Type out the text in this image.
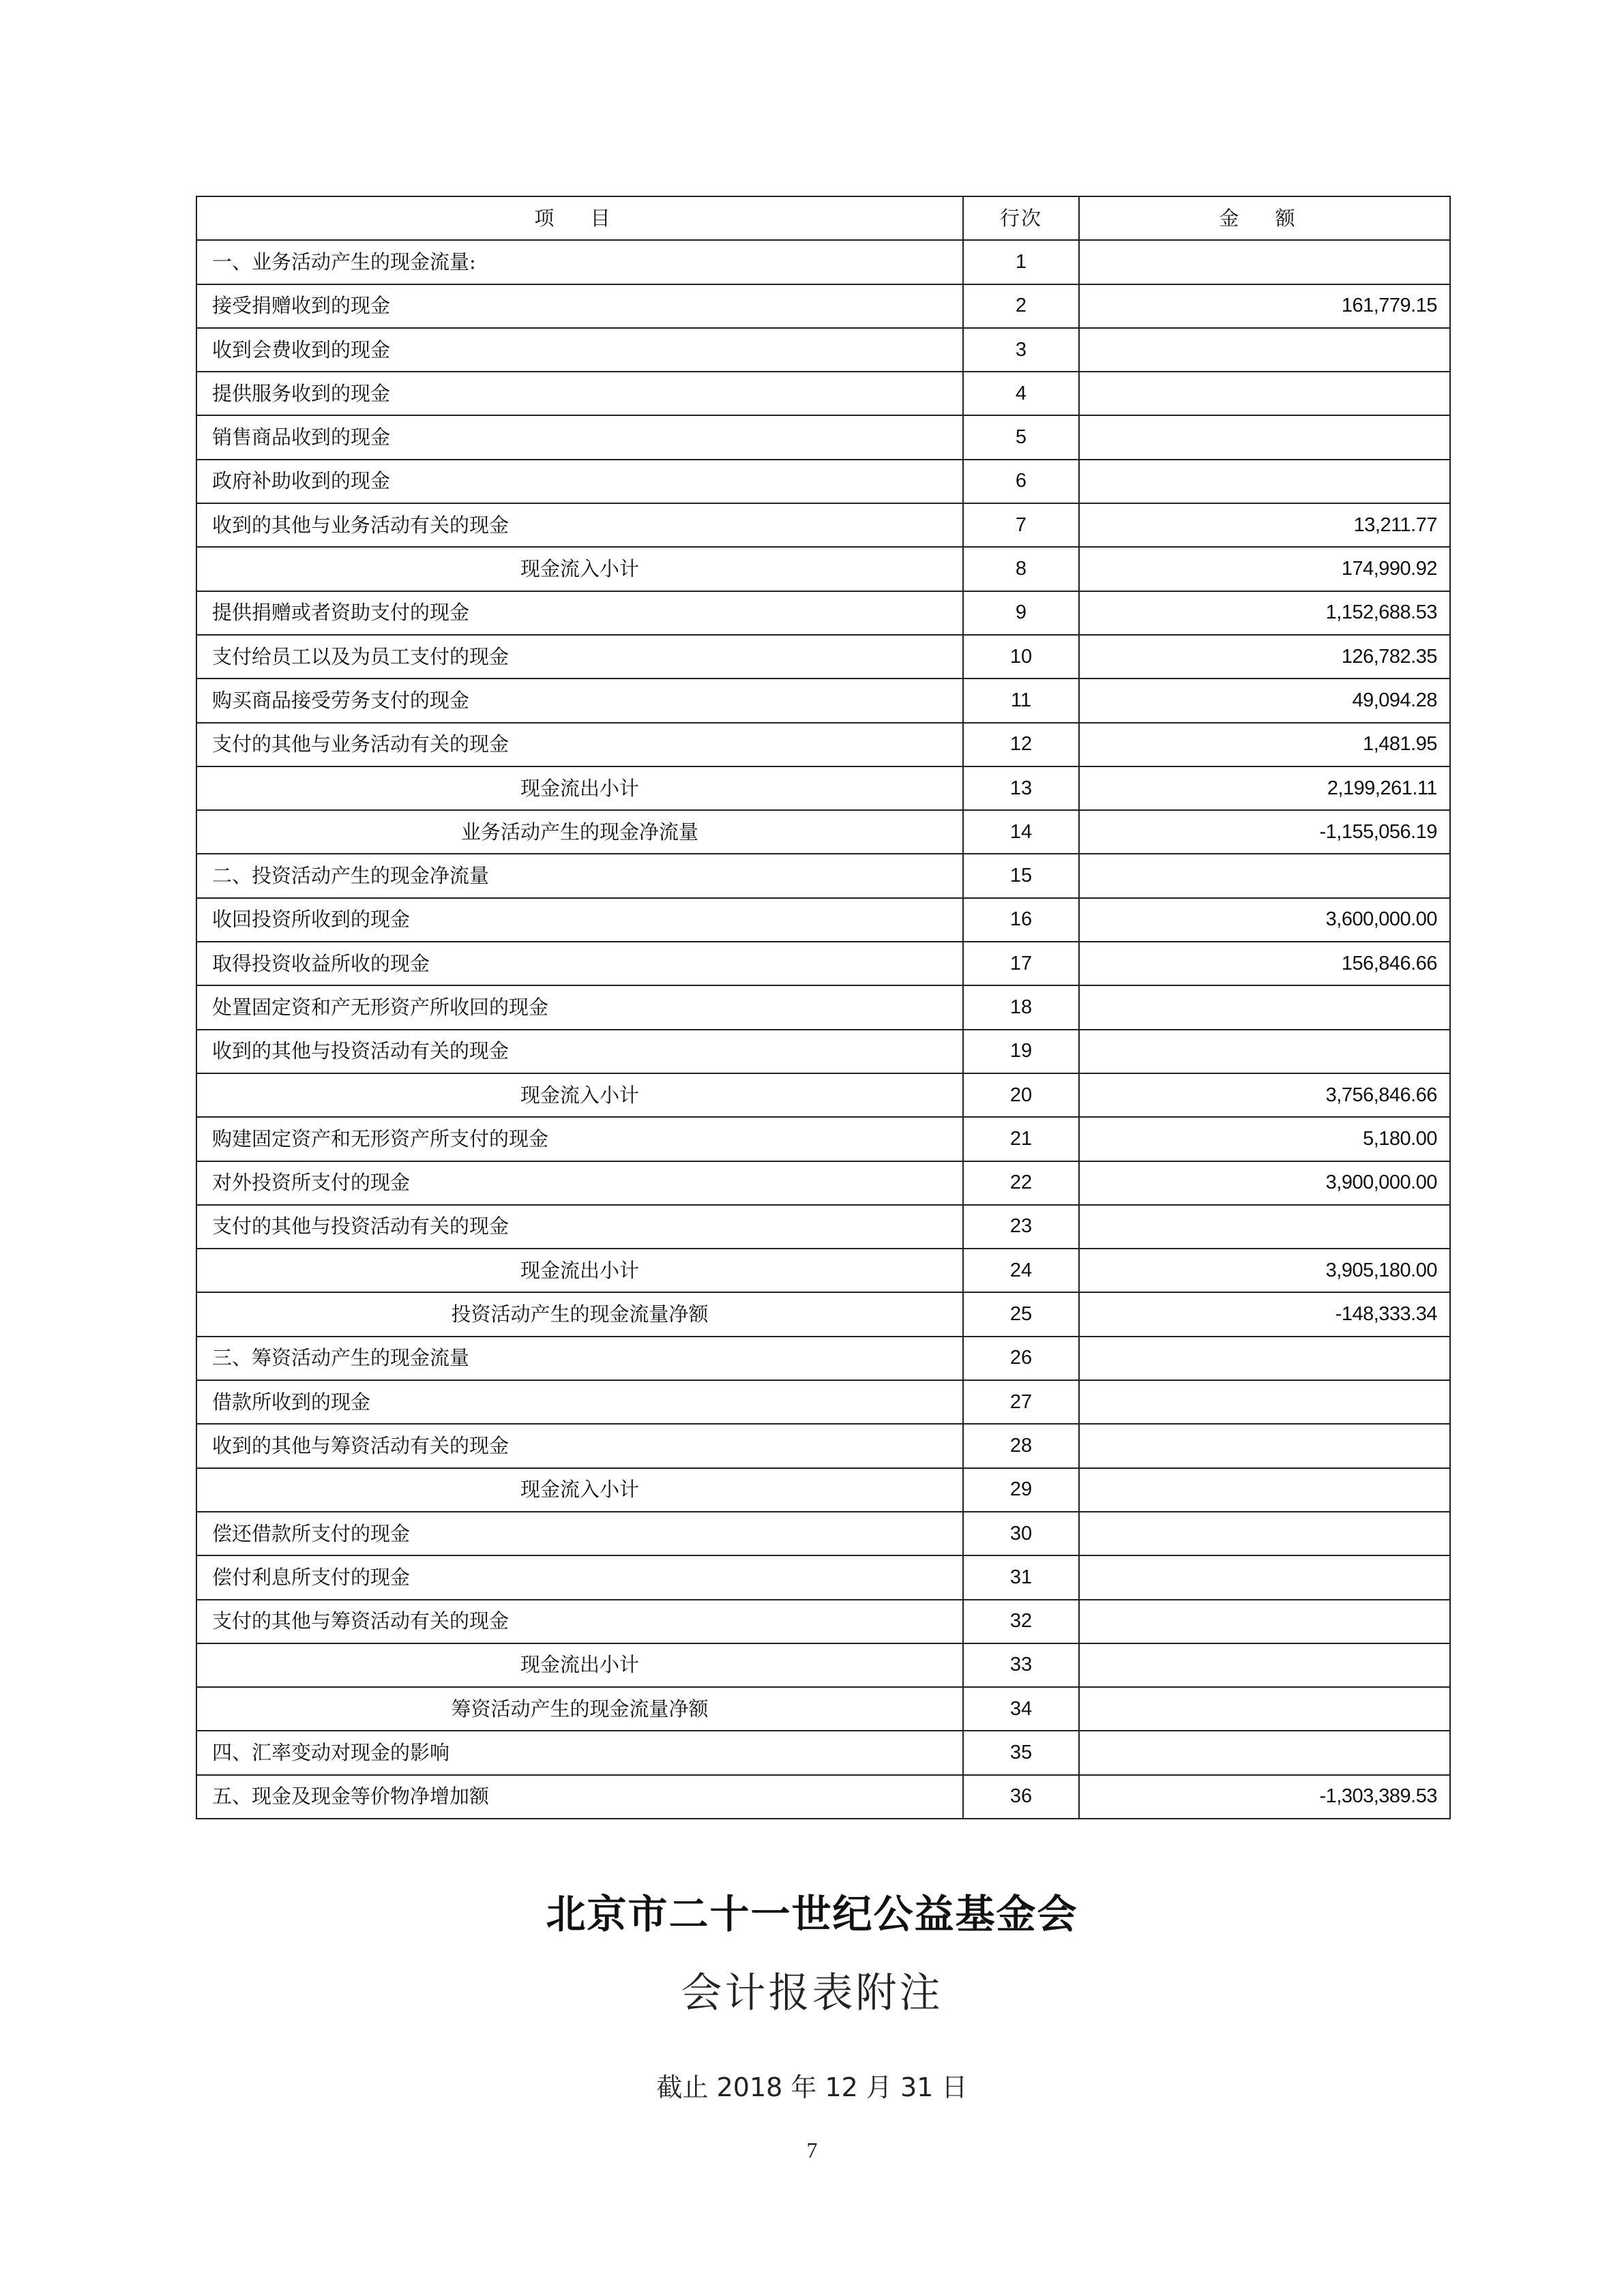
项 目	行次	金 额
一、业务活动产生的现金流量:	1	
接受捐赠收到的现金	2	161,779.15
收到会费收到的现金	3	
提供服务收到的现金	4	
销售商品收到的现金	5	
政府补助收到的现金	6	
收到的其他与业务活动有关的现金	7	13,211.77
现金流入小计	8	174,990.92
提供捐赠或者资助支付的现金	9	1,152,688.53
支付给员工以及为员工支付的现金	10	126,782.35
购买商品接受劳务支付的现金	11	49,094.28
支付的其他与业务活动有关的现金	12	1,481.95
现金流出小计	13	2,199,261.11
业务活动产生的现金净流量	14	-1,155,056.19
二、投资活动产生的现金净流量	15	
收回投资所收到的现金	16	3,600,000.00
取得投资收益所收的现金	17	156,846.66
处置固定资和产无形资产所收回的现金	18	
收到的其他与投资活动有关的现金	19	
现金流入小计	20	3,756,846.66
购建固定资产和无形资产所支付的现金	21	5,180.00
对外投资所支付的现金	22	3,900,000.00
支付的其他与投资活动有关的现金	23	
现金流出小计	24	3,905,180.00
投资活动产生的现金流量净额	25	-148,333.34
三、筹资活动产生的现金流量	26	
借款所收到的现金	27	
收到的其他与筹资活动有关的现金	28	
现金流入小计	29	
偿还借款所支付的现金	30	
偿付利息所支付的现金	31	
支付的其他与筹资活动有关的现金	32	
现金流出小计	33	
筹资活动产生的现金流量净额	34	
四、汇率变动对现金的影响	35	
五、现金及现金等价物净增加额	36	-1,303,389.53
北京市二十一世纪公益基金会
会计报表附注
截止 2018 年 12 月 31 日
7
